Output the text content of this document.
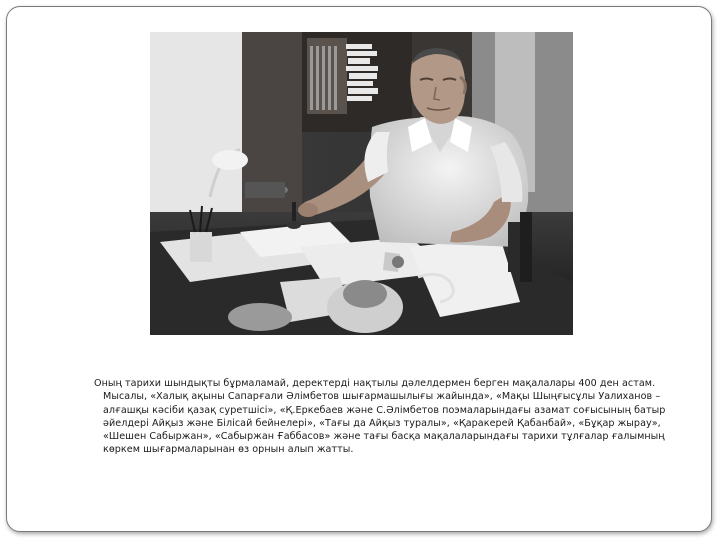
Оның тарихи шындықты бұрмаламай, деректерді нақтылы дәлелдермен берген мақалалары 400 ден астам. Мысалы, «Халық ақыны Сапарғали Әлімбетов шығармашылығы жайында», «Мақы Шыңғысұлы Уалиханов – алғашқы кәсіби қазақ суретшісі», «Қ.Еркебаев және С.Әлімбетов поэмаларындағы азамат соғысының батыр әйелдері Айқыз және Білісай бейнелері», «Тағы да Айқыз туралы», «Қаракерей Қабанбай», «Бұқар жырау», «Шешен Сабыржан», «Сабыржан Ғаббасов» және тағы басқа мақалаларындағы тарихи тұлғалар ғалымның көркем шығармаларынан өз орнын алып жатты.
